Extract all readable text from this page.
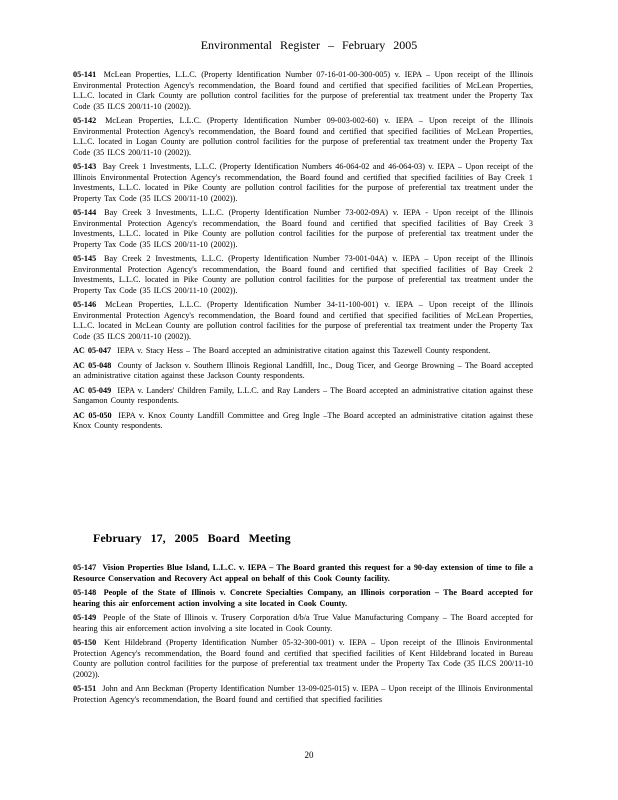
Environmental Register – February 2005
05-141 McLean Properties, L.L.C. (Property Identification Number 07-16-01-00-300-005) v. IEPA – Upon receipt of the Illinois Environmental Protection Agency's recommendation, the Board found and certified that specified facilities of McLean Properties, L.L.C. located in Clark County are pollution control facilities for the purpose of preferential tax treatment under the Property Tax Code (35 ILCS 200/11-10 (2002)).
05-142 McLean Properties, L.L.C. (Property Identification Number 09-003-002-60) v. IEPA – Upon receipt of the Illinois Environmental Protection Agency's recommendation, the Board found and certified that specified facilities of McLean Properties, L.L.C. located in Logan County are pollution control facilities for the purpose of preferential tax treatment under the Property Tax Code (35 ILCS 200/11-10 (2002)).
05-143 Bay Creek 1 Investments, L.L.C. (Property Identification Numbers 46-064-02 and 46-064-03) v. IEPA – Upon receipt of the Illinois Environmental Protection Agency's recommendation, the Board found and certified that specified facilities of Bay Creek 1 Investments, L.L.C. located in Pike County are pollution control facilities for the purpose of preferential tax treatment under the Property Tax Code (35 ILCS 200/11-10 (2002)).
05-144 Bay Creek 3 Investments, L.L.C. (Property Identification Number 73-002-09A) v. IEPA - Upon receipt of the Illinois Environmental Protection Agency's recommendation, the Board found and certified that specified facilities of Bay Creek 3 Investments, L.L.C. located in Pike County are pollution control facilities for the purpose of preferential tax treatment under the Property Tax Code (35 ILCS 200/11-10 (2002)).
05-145 Bay Creek 2 Investments, L.L.C. (Property Identification Number 73-001-04A) v. IEPA – Upon receipt of the Illinois Environmental Protection Agency's recommendation, the Board found and certified that specified facilities of Bay Creek 2 Investments, L.L.C. located in Pike County are pollution control facilities for the purpose of preferential tax treatment under the Property Tax Code (35 ILCS 200/11-10 (2002)).
05-146 McLean Properties, L.L.C. (Property Identification Number 34-11-100-001) v. IEPA – Upon receipt of the Illinois Environmental Protection Agency's recommendation, the Board found and certified that specified facilities of McLean Properties, L.L.C. located in McLean County are pollution control facilities for the purpose of preferential tax treatment under the Property Tax Code (35 ILCS 200/11-10 (2002)).
AC 05-047 IEPA v. Stacy Hess – The Board accepted an administrative citation against this Tazewell County respondent.
AC 05-048 County of Jackson v. Southern Illinois Regional Landfill, Inc., Doug Ticer, and George Browning – The Board accepted an administrative citation against these Jackson County respondents.
AC 05-049 IEPA v. Landers' Children Family, L.L.C. and Ray Landers – The Board accepted an administrative citation against these Sangamon County respondents.
AC 05-050 IEPA v. Knox County Landfill Committee and Greg Ingle –The Board accepted an administrative citation against these Knox County respondents.
February 17, 2005 Board Meeting
05-147 Vision Properties Blue Island, L.L.C. v. IEPA – The Board granted this request for a 90-day extension of time to file a Resource Conservation and Recovery Act appeal on behalf of this Cook County facility.
05-148 People of the State of Illinois v. Concrete Specialties Company, an Illinois corporation – The Board accepted for hearing this air enforcement action involving a site located in Cook County.
05-149 People of the State of Illinois v. Trusery Corporation d/b/a True Value Manufacturing Company – The Board accepted for hearing this air enforcement action involving a site located in Cook County.
05-150 Kent Hildebrand (Property Identification Number 05-32-300-001) v. IEPA – Upon receipt of the Illinois Environmental Protection Agency's recommendation, the Board found and certified that specified facilities of Kent Hildebrand located in Bureau County are pollution control facilities for the purpose of preferential tax treatment under the Property Tax Code (35 ILCS 200/11-10 (2002)).
05-151 John and Ann Beckman (Property Identification Number 13-09-025-015) v. IEPA – Upon receipt of the Illinois Environmental Protection Agency's recommendation, the Board found and certified that specified facilities
20
